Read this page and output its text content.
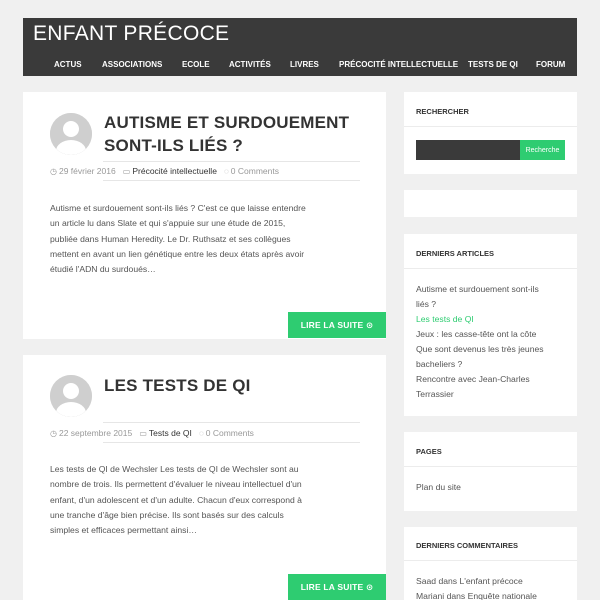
ENFANT PRÉCOCE
ACTUS	ASSOCIATIONS ECOLE ACTIVITÉS LIVRES	PRÉCOCITÉ INTELLECTUELLE TESTS DE QI FORUM
AUTISME ET SURDOUEMENT
SONT-ILS LIÉS ?
◷ 29 février 2016 ▭ Précocité intellectuelle ◌ 0 Comments
Autisme et surdouement sont-ils liés ? C'est ce que laisse entendre
un article lu dans Slate et qui s'appuie sur une étude de 2015,
publiée dans Human Heredity. Le Dr. Ruthsatz et ses collègues
mettent en avant un lien génétique entre les deux états après avoir
étudié l'ADN du surdoués…
LIRE LA SUITE ⊙
LES TESTS DE QI
◷ 22 septembre 2015 ▭ Tests de QI ◌ 0 Comments
Les tests de QI de Wechsler Les tests de QI de Wechsler sont au
nombre de trois. Ils permettent d'évaluer le niveau intellectuel d'un
enfant, d'un adolescent et d'un adulte. Chacun d'eux correspond à
une tranche d'âge bien précise. Ils sont basés sur des calculs
simples et efficaces permettant ainsi…
LIRE LA SUITE ⊙
RECHERCHER
Recherche
DERNIERS ARTICLES
Autisme et surdouement sont-ils
liés ?
Les tests de QI
Jeux : les casse-tête ont la côte
Que sont devenus les très jeunes
bacheliers ?
Rencontre avec Jean-Charles
Terrassier
PAGES
Plan du site
DERNIERS COMMENTAIRES
Saad dans L'enfant précoce
Mariani dans Enquête nationale
